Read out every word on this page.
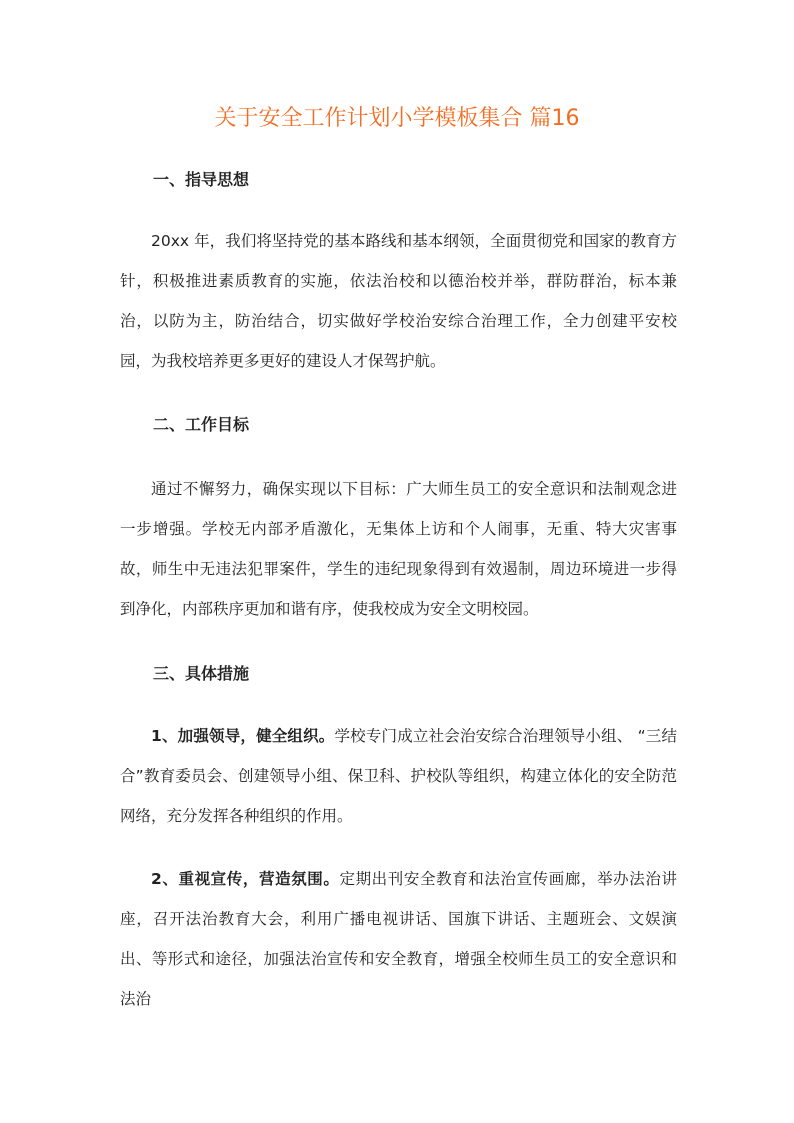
关于安全工作计划小学模板集合 篇16
一、指导思想

20xx 年，我们将坚持党的基本路线和基本纲领，全面贯彻党和国家的教育方针，积极推进素质教育的实施，依法治校和以德治校并举，群防群治，标本兼治，以防为主，防治结合，切实做好学校治安综合治理工作，全力创建平安校园，为我校培养更多更好的建设人才保驾护航。

二、工作目标

通过不懈努力，确保实现以下目标：广大师生员工的安全意识和法制观念进一步增强。学校无内部矛盾激化，无集体上访和个人闹事，无重、特大灾害事故，师生中无违法犯罪案件，学生的违纪现象得到有效遏制，周边环境进一步得到净化，内部秩序更加和谐有序，使我校成为安全文明校园。

三、具体措施

1、加强领导，健全组织。学校专门成立社会治安综合治理领导小组、 “三结合”教育委员会、创建领导小组、保卫科、护校队等组织，构建立体化的安全防范网络，充分发挥各种组织的作用。

2、重视宣传，营造氛围。定期出刊安全教育和法治宣传画廊，举办法治讲座，召开法治教育大会，利用广播电视讲话、国旗下讲话、主题班会、文娱演出、等形式和途径，加强法治宣传和安全教育，增强全校师生员工的安全意识和法治
